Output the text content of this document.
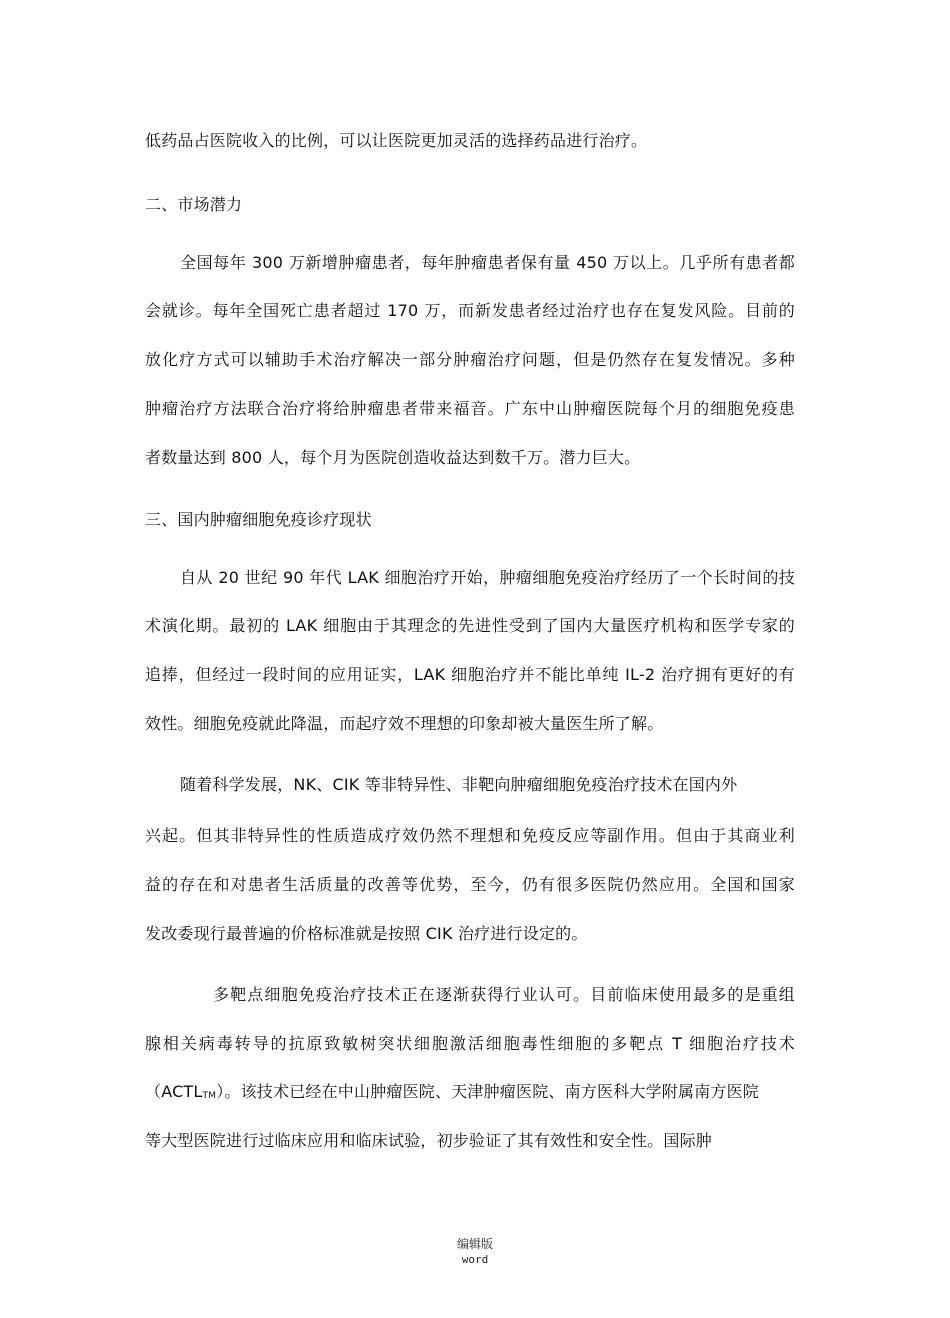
低药品占医院收入的比例，可以让医院更加灵活的选择药品进行治疗。
二、市场潜力
全国每年 300 万新增肿瘤患者，每年肿瘤患者保有量 450 万以上。几乎所有患者都
会就诊。每年全国死亡患者超过 170 万，而新发患者经过治疗也存在复发风险。目前的
放化疗方式可以辅助手术治疗解决一部分肿瘤治疗问题，但是仍然存在复发情况。多种
肿瘤治疗方法联合治疗将给肿瘤患者带来福音。广东中山肿瘤医院每个月的细胞免疫患
者数量达到 800 人，每个月为医院创造收益达到数千万。潜力巨大。
三、国内肿瘤细胞免疫诊疗现状
自从 20 世纪 90 年代 LAK 细胞治疗开始，肿瘤细胞免疫治疗经历了一个长时间的技
术演化期。最初的 LAK 细胞由于其理念的先进性受到了国内大量医疗机构和医学专家的
追捧，但经过一段时间的应用证实，LAK 细胞治疗并不能比单纯 IL-2 治疗拥有更好的有
效性。细胞免疫就此降温，而起疗效不理想的印象却被大量医生所了解。
随着科学发展，NK、CIK 等非特异性、非靶向肿瘤细胞免疫治疗技术在国内外
兴起。但其非特异性的性质造成疗效仍然不理想和免疫反应等副作用。但由于其商业利
益的存在和对患者生活质量的改善等优势，至今，仍有很多医院仍然应用。全国和国家
发改委现行最普遍的价格标准就是按照 CIK 治疗进行设定的。
多靶点细胞免疫治疗技术正在逐渐获得行业认可。目前临床使用最多的是重组
腺相关病毒转导的抗原致敏树突状细胞激活细胞毒性细胞的多靶点 T 细胞治疗技术
$(ACTL_{TM})$。该技术已经在中山肿瘤医院、天津肿瘤医院、南方医科大学附属南方医院
等大型医院进行过临床应用和临床试验，初步验证了其有效性和安全性。国际肿
编辑版
word
